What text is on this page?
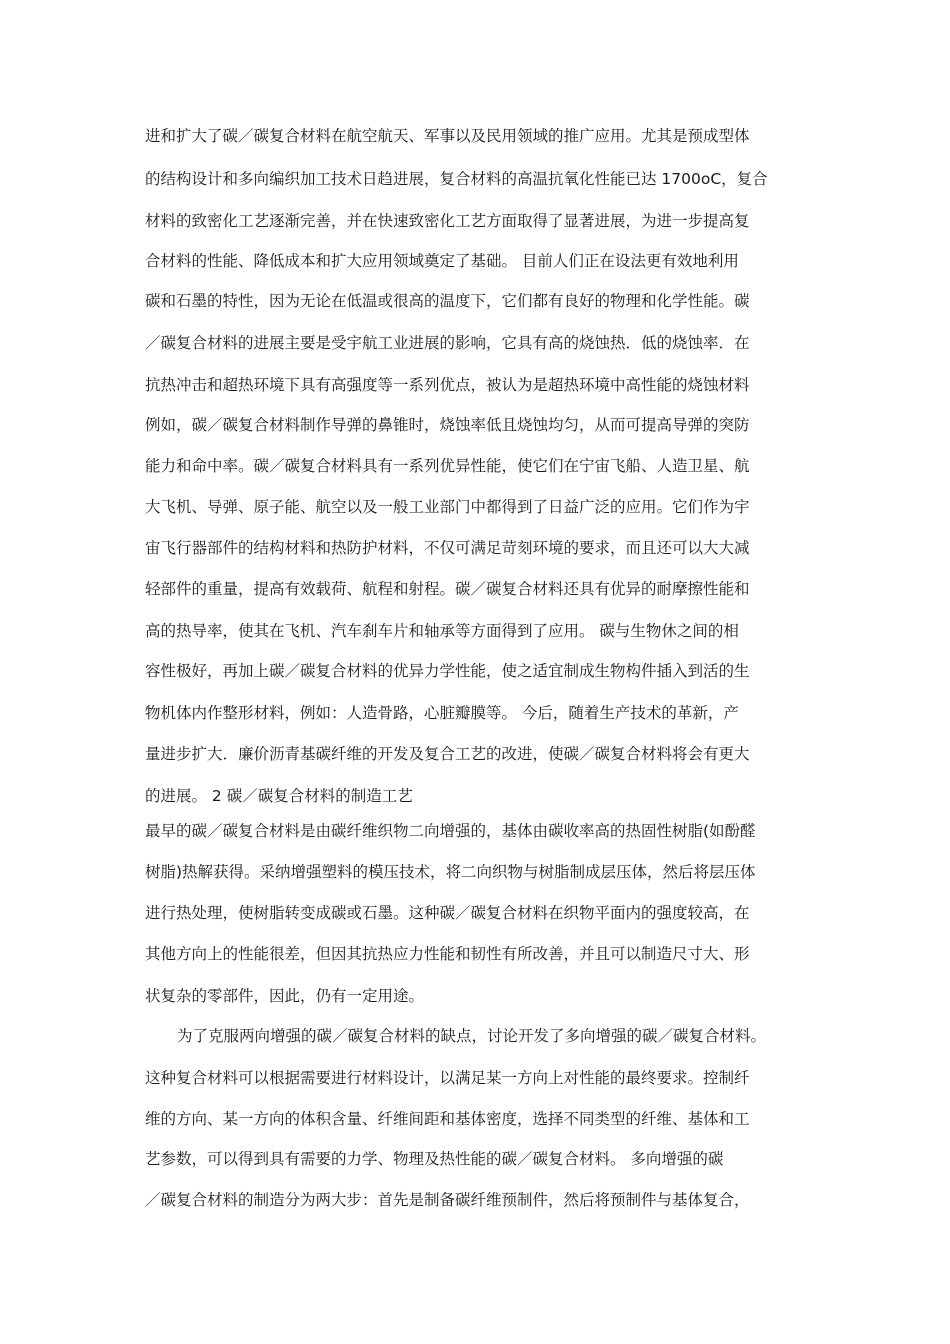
进和扩大了碳／碳复合材料在航空航天、军事以及民用领域的推广应用。尤其是预成型体
的结构设计和多向编织加工技术日趋进展，复合材料的高温抗氧化性能已达 1700oC，复合
材料的致密化工艺逐渐完善，并在快速致密化工艺方面取得了显著进展，为进一步提高复
合材料的性能、降低成本和扩大应用领域奠定了基础。 目前人们正在设法更有效地利用
碳和石墨的特性，因为无论在低温或很高的温度下，它们都有良好的物理和化学性能。碳
／碳复合材料的进展主要是受宇航工业进展的影响，它具有高的烧蚀热．低的烧蚀率．在
抗热冲击和超热环境下具有高强度等一系列优点，被认为是超热环境中高性能的烧蚀材料
例如，碳／碳复合材料制作导弹的鼻锥时，烧蚀率低且烧蚀均匀，从而可提高导弹的突防
能力和命中率。碳／碳复合材料具有一系列优异性能，使它们在宁宙飞船、人造卫星、航
大飞机、导弹、原子能、航空以及一般工业部门中都得到了日益广泛的应用。它们作为宇
宙飞行器部件的结构材料和热防护材料，不仅可满足苛刻环境的要求，而且还可以大大减
轻部件的重量，提高有效载荷、航程和射程。碳／碳复合材料还具有优异的耐摩擦性能和
高的热导率，使其在飞机、汽车刹车片和轴承等方面得到了应用。 碳与生物休之间的相
容性极好，再加上碳／碳复合材料的优异力学性能，使之适宜制成生物构件插入到活的生
物机体内作整形材料，例如：人造骨路，心脏瓣膜等。 今后，随着生产技术的革新，产
量进步扩大．廉价沥青基碳纤维的开发及复合工艺的改进，使碳／碳复合材料将会有更大
的进展。 2 碳／碳复合材料的制造工艺
最早的碳／碳复合材料是由碳纤维织物二向增强的，基体由碳收率高的热固性树脂(如酚醛
树脂)热解获得。采纳增强塑料的模压技术，将二向织物与树脂制成层压体，然后将层压体
进行热处理，使树脂转变成碳或石墨。这种碳／碳复合材料在织物平面内的强度较高，在
其他方向上的性能很差，但因其抗热应力性能和韧性有所改善，并且可以制造尺寸大、形
状复杂的零部件，因此，仍有一定用途。
为了克服两向增强的碳／碳复合材料的缺点，讨论开发了多向增强的碳／碳复合材料。
这种复合材料可以根据需要进行材料设计，以满足某一方向上对性能的最终要求。控制纤
维的方向、某一方向的体积含量、纤维间距和基体密度，选择不同类型的纤维、基体和工
艺参数，可以得到具有需要的力学、物理及热性能的碳／碳复合材料。 多向增强的碳
／碳复合材料的制造分为两大步：首先是制备碳纤维预制件，然后将预制件与基体复合，
